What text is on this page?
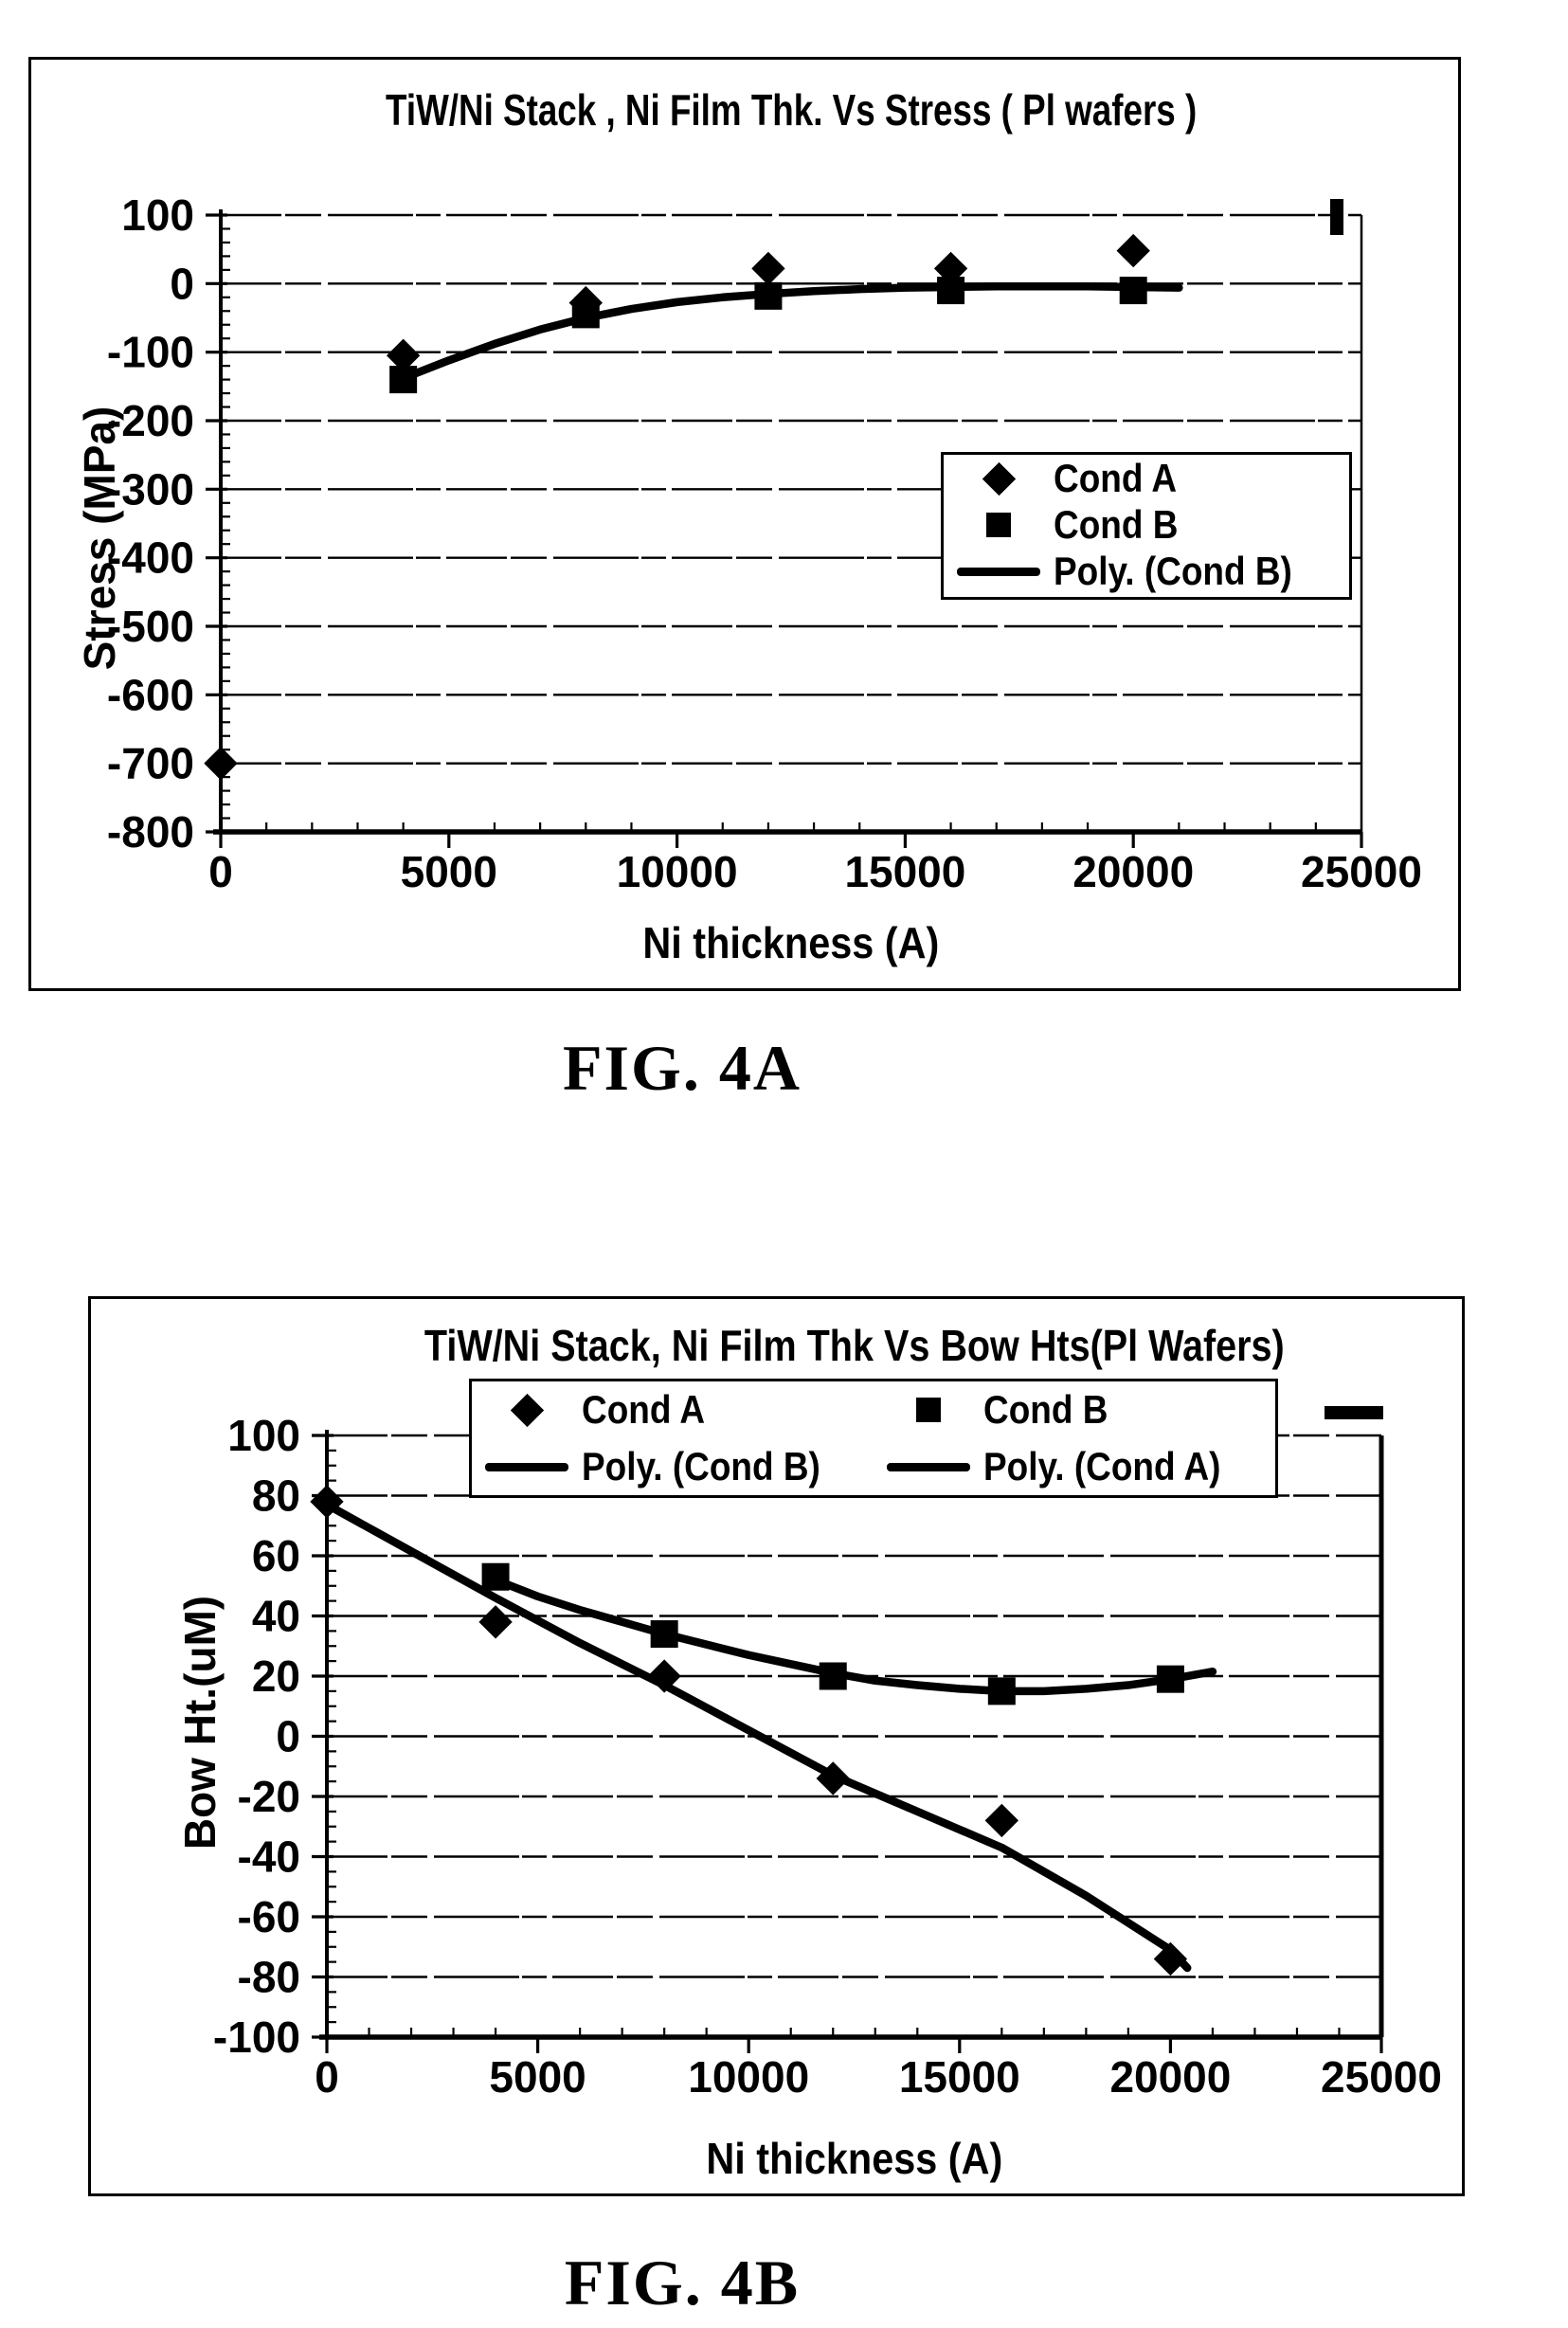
TiW/Ni Stack , Ni Film Thk. Vs Stress ( Pl wafers )
100
0
-100
-200
-300
-400
-500
-600
-700
-800
0	5000	10000 15000 20000 25000
Stress (MPa)
Ni thickness (A)
Cond A
Cond B
Poly. (Cond B)
FIG. 4A
TiW/Ni Stack, Ni Film Thk Vs Bow Hts(Pl Wafers)
100
80
60
40
20
0
-20
-40
-60
-80
-100
0	5000 10000 15000 20000 25000
Bow Ht.(uM)
Ni thickness (A)
Cond A	Cond B
Poly. (Cond B)	Poly. (Cond A)
FIG. 4B
